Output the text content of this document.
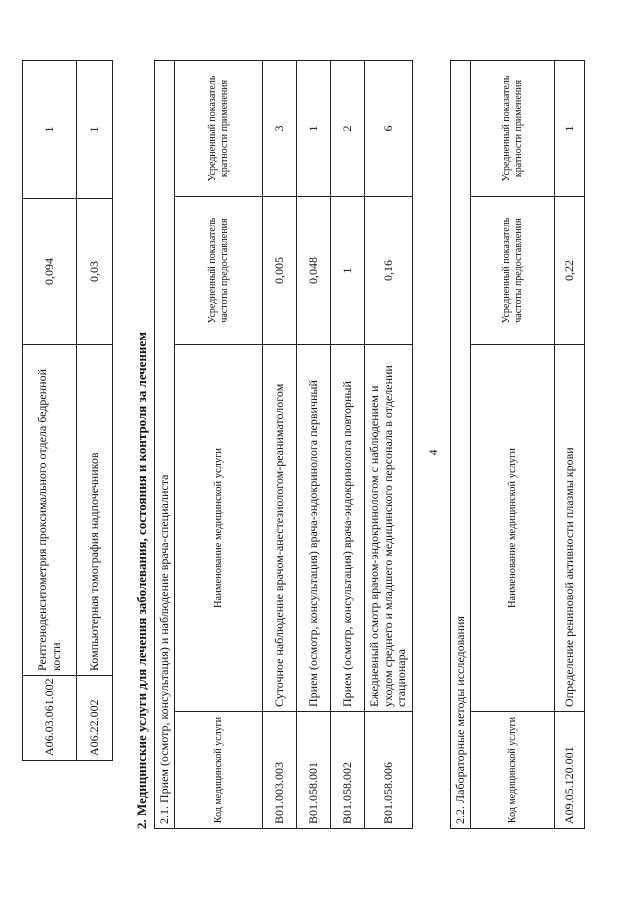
4
A06.03.061.002	Рентгеноденситометрия проксимального отдела бедренной кости	0,094	1
A06.22.002	Компьютерная томография надпочечников	0,03	1
2. Медицинские услуги для лечения заболевания, состояния и контроля за лечением 2.1. Прием (осмотр, консультация) и наблюдение врача-специалиста			
Код медицинской услуги	Наименование медицинской услуги	Усредненный показатель частоты предоставления	Усредненный показатель кратности применения
B01.003.003	Суточное наблюдение врачом-анестезиологом-реаниматологом	0,005	3
B01.058.001	Прием (осмотр, консультация) врача-эндокринолога первичный	0,048	1
B01.058.002	Прием (осмотр, консультация) врача-эндокринолога повторный	1	2
B01.058.006	Ежедневный осмотр врачом-эндокринологом с наблюдением и уходом среднего и младшего медицинского персонала в отделении стационара	0,16	6
2.2. Лабораторные методы исследования			
Код медицинской услуги	Наименование медицинской услуги	Усредненный показатель частоты предоставления	Усредненный показатель кратности применения
A09.05.120.001	Определение рениновой активности плазмы крови	0,22	1
